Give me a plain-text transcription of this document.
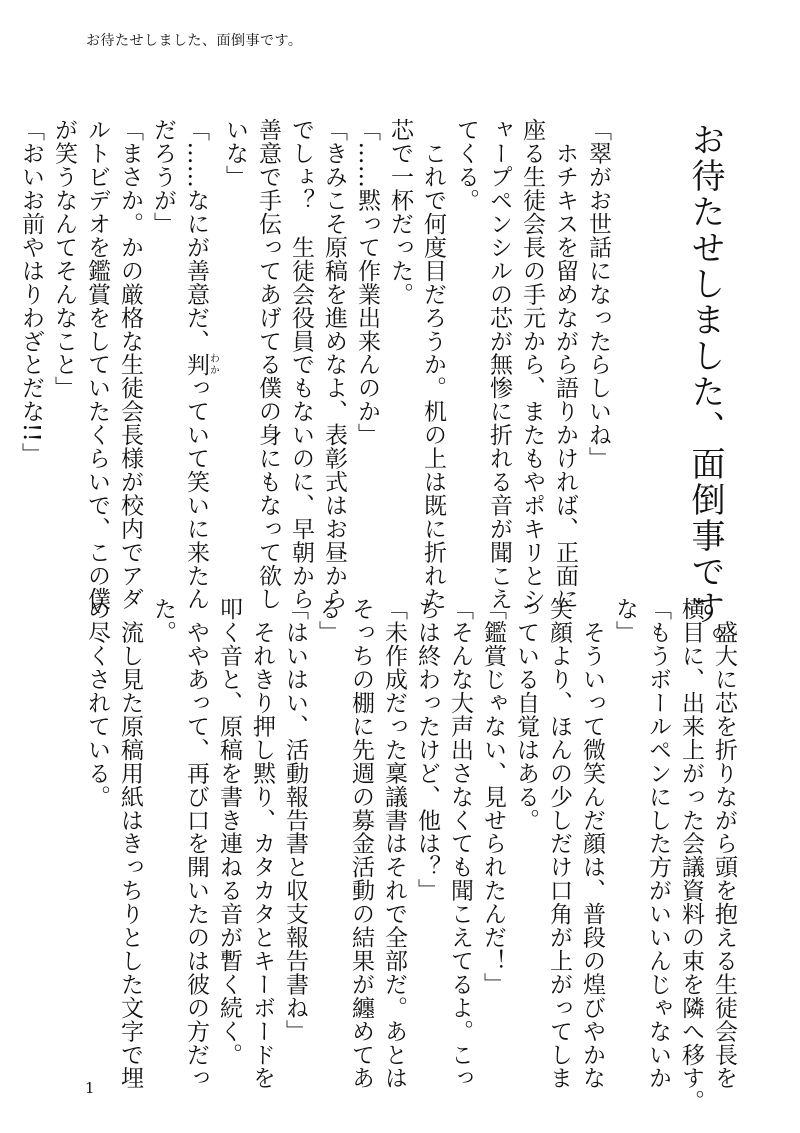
お待たせしました、面倒事です。
お待たせしました、面倒事です。
「翠がお世話になったらしいね」
　ホチキスを留めながら語りかければ、正面に
座る生徒会長の手元から、またもやポキリとシ
ャープペンシルの芯が無惨に折れる音が聞こえ
てくる。
　これで何度目だろうか。机の上は既に折れた
芯で一杯だった。
「……黙って作業出来んのか」
「きみこそ原稿を進めなよ、表彰式はお昼から
でしょ？　生徒会役員でもないのに、早朝から
善意で手伝ってあげてる僕の身にもなって欲し
いな」
「……なにが善意だ、判わかっていて笑いに来たん
だろうが」
「まさか。かの厳格な生徒会長様が校内でアダ
ルトビデオを鑑賞をしていたくらいで、この僕
が笑うなんてそんなこと」
「おいお前やはりわざとだな!!」
　盛大に芯を折りながら頭を抱える生徒会長を
横目に、出来上がった会議資料の束を隣へ移す。
「もうボールペンにした方がいいんじゃないか
な」
　そういって微笑んだ顔は、普段の煌びやかな
笑顔より、ほんの少しだけ口角が上がってしま
っている自覚はある。
「鑑賞じゃない、見せられたんだ！」
「そんな大声出さなくても聞こえてるよ。こっ
ちは終わったけど、他は？」
「未作成だった稟議書はそれで全部だ。あとは
そっちの棚に先週の募金活動の結果が纏めてあ
る」
「はいはい、活動報告書と収支報告書ね」
　それきり押し黙り、カタカタとキーボードを
叩く音と、原稿を書き連ねる音が暫く続く。
　ややあって、再び口を開いたのは彼の方だっ
た。
　流し見た原稿用紙はきっちりとした文字で埋
め尽くされている。
1
